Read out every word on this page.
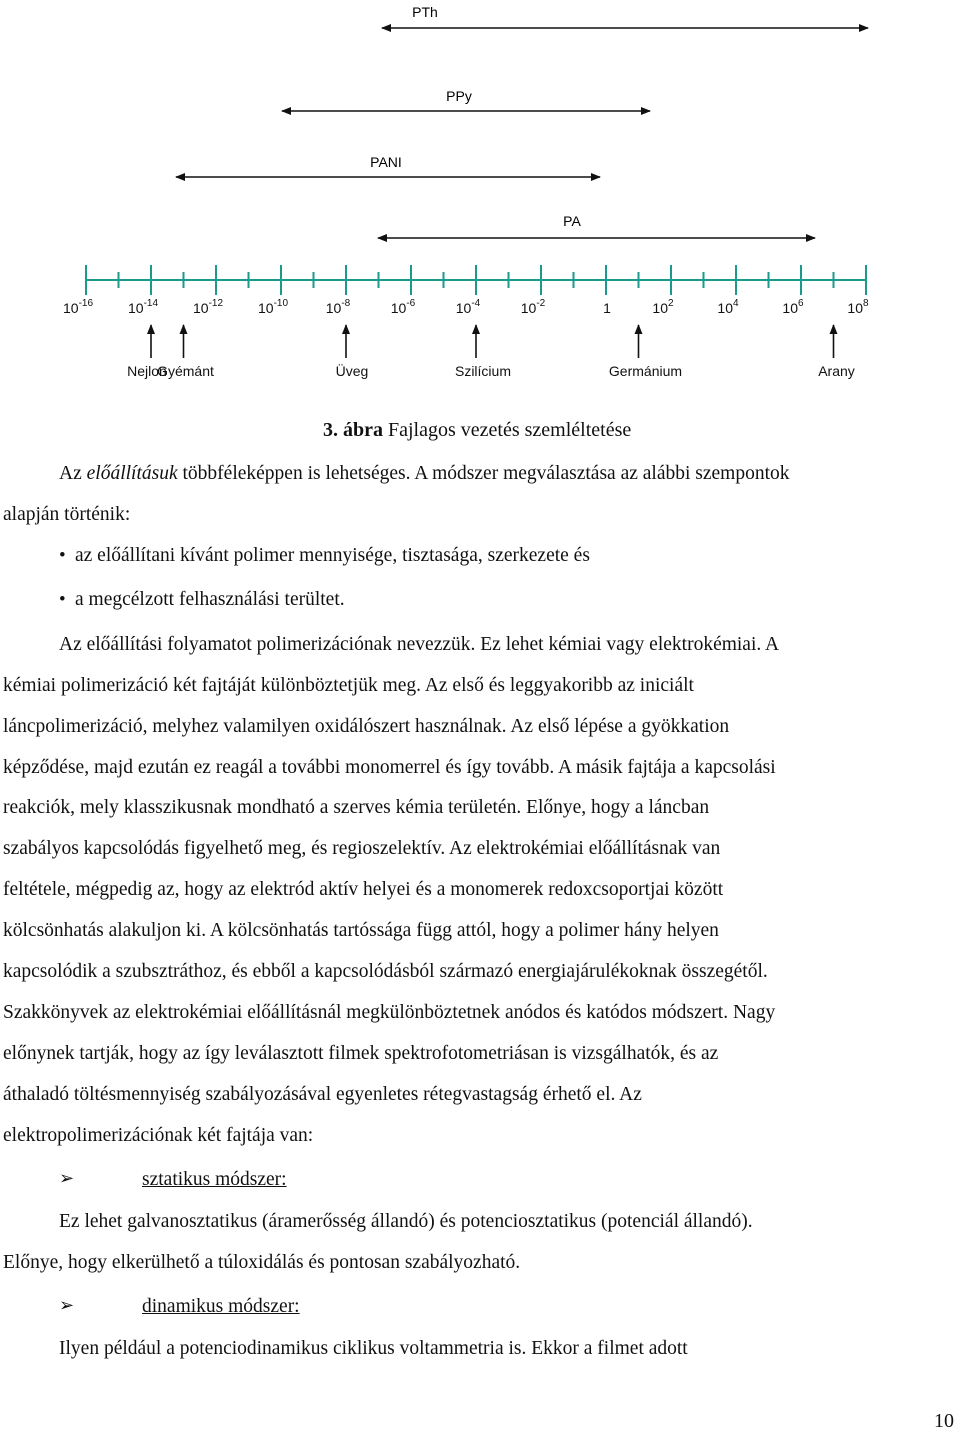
PTh
PPy
PANI
PA
$10^{-16}$ $10^{-14}$ $10^{-12}$ $10^{-10}$	$10^{-8}$	$10^{-6}$	$10^{-4}$	$10^{-2}$	1	$10^2$	$10^4$	$10^6$	$10^8$
Nejlon
Gyémánt	Üveg	Szilícium	Germánium	Arany
3. ábra Fajlagos vezetés szemléltetése
Az előállításuk többféleképpen is lehetséges. A módszer megválasztása az alábbi szempontok
alapján történik:
• az előállítani kívánt polimer mennyisége, tisztasága, szerkezete és
• a megcélzott felhasználási terültet.
Az előállítási folyamatot polimerizációnak nevezzük. Ez lehet kémiai vagy elektrokémiai. A
kémiai polimerizáció két fajtáját különböztetjük meg. Az első és leggyakoribb az iniciált
láncpolimerizáció, melyhez valamilyen oxidálószert használnak. Az első lépése a gyökkation
képződése, majd ezután ez reagál a további monomerrel és így tovább. A másik fajtája a kapcsolási
reakciók, mely klasszikusnak mondható a szerves kémia területén. Előnye, hogy a láncban
szabályos kapcsolódás figyelhető meg, és regioszelektív. Az elektrokémiai előállításnak van
feltétele, mégpedig az, hogy az elektród aktív helyei és a monomerek redoxcsoportjai között
kölcsönhatás alakuljon ki. A kölcsönhatás tartóssága függ attól, hogy a polimer hány helyen
kapcsolódik a szubsztráthoz, és ebből a kapcsolódásból származó energiajárulékoknak összegétől.
Szakkönyvek az elektrokémiai előállításnál megkülönböztetnek anódos és katódos módszert. Nagy
előnynek tartják, hogy az így leválasztott filmek spektrofotometriásan is vizsgálhatók, és az
áthaladó töltésmennyiség szabályozásával egyenletes rétegvastagság érhető el. Az
elektropolimerizációnak két fajtája van:
➢	sztatikus módszer:
Ez lehet galvanosztatikus (áramerősség állandó) és potenciosztatikus (potenciál állandó).
Előnye, hogy elkerülhető a túloxidálás és pontosan szabályozható.
➢	dinamikus módszer:
Ilyen például a potenciodinamikus ciklikus voltammetria is. Ekkor a filmet adott
10
